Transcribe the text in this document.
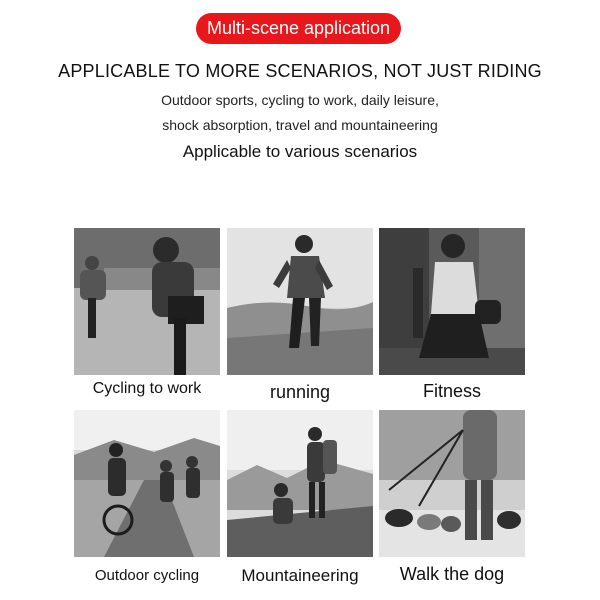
Multi-scene application
APPLICABLE TO MORE SCENARIOS, NOT JUST RIDING
Outdoor sports, cycling to work, daily leisure,
shock absorption, travel and mountaineering
Applicable to various scenarios
Cycling to work	running	Fitness
Outdoor cycling	Mountaineering	Walk the dog
